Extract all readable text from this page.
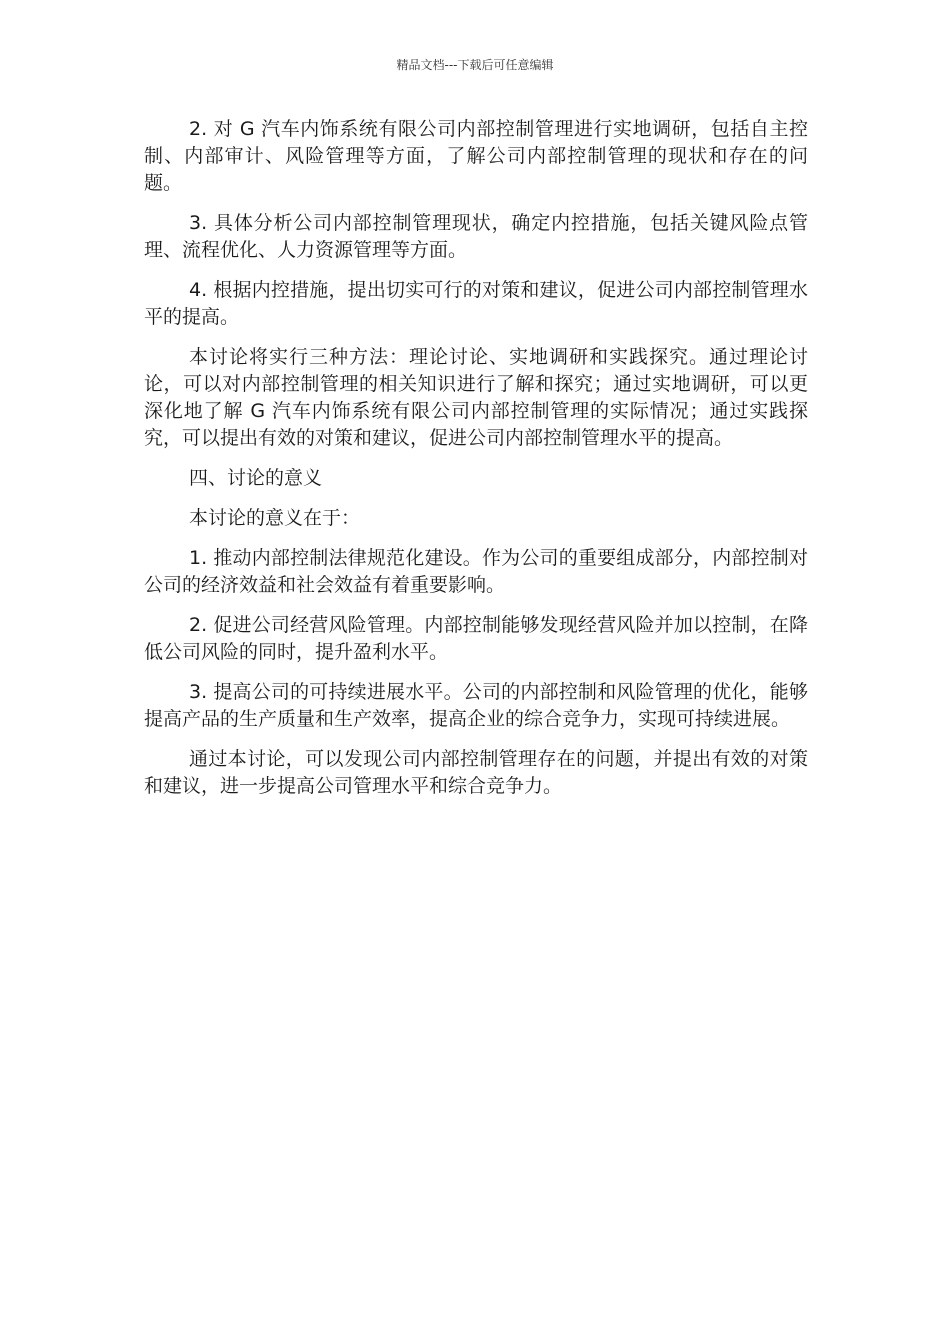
精品文档---下载后可任意编辑

2. 对 G 汽车内饰系统有限公司内部控制管理进行实地调研，包括自主控制、内部审计、风险管理等方面，了解公司内部控制管理的现状和存在的问题。

3. 具体分析公司内部控制管理现状，确定内控措施，包括关键风险点管理、流程优化、人力资源管理等方面。

4. 根据内控措施，提出切实可行的对策和建议，促进公司内部控制管理水平的提高。

本讨论将实行三种方法：理论讨论、实地调研和实践探究。通过理论讨论，可以对内部控制管理的相关知识进行了解和探究；通过实地调研，可以更深化地了解 G 汽车内饰系统有限公司内部控制管理的实际情况；通过实践探究，可以提出有效的对策和建议，促进公司内部控制管理水平的提高。

四、讨论的意义

本讨论的意义在于：

1. 推动内部控制法律规范化建设。作为公司的重要组成部分，内部控制对公司的经济效益和社会效益有着重要影响。

2. 促进公司经营风险管理。内部控制能够发现经营风险并加以控制，在降低公司风险的同时，提升盈利水平。

3. 提高公司的可持续进展水平。公司的内部控制和风险管理的优化，能够提高产品的生产质量和生产效率，提高企业的综合竞争力，实现可持续进展。

通过本讨论，可以发现公司内部控制管理存在的问题，并提出有效的对策和建议，进一步提高公司管理水平和综合竞争力。
